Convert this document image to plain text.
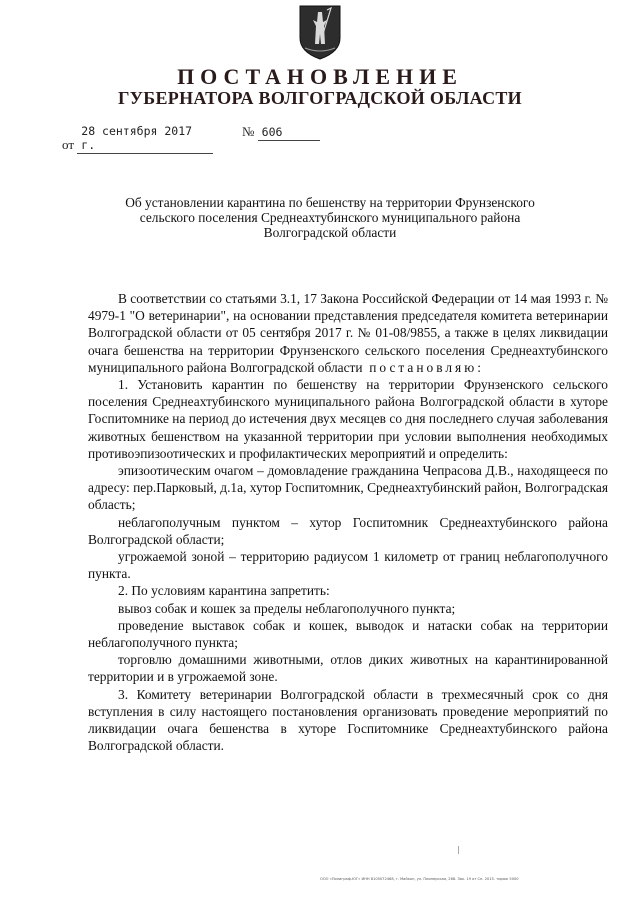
ПОСТАНОВЛЕНИЕ
ГУБЕРНАТОРА ВОЛГОГРАДСКОЙ ОБЛАСТИ
от 28 сентября 2017 г.
№ 606
Об установлении карантина по бешенству на территории Фрунзенского
сельского поселения Среднеахтубинского муниципального района
Волгоградской области

В соответствии со статьями 3.1, 17 Закона Российской Федерации от 14 мая 1993 г. № 4979-1 "О ветеринарии", на основании представления председателя комитета ветеринарии Волгоградской области от 05 сентября 2017 г. № 01-08/9855, а также в целях ликвидации очага бешенства на территории Фрунзенского сельского поселения Среднеахтубинского муниципального района Волгоградской области постановляю:

1. Установить карантин по бешенству на территории Фрунзенского сельского поселения Среднеахтубинского муниципального района Волгоградской области в хуторе Госпитомнике на период до истечения двух месяцев со дня последнего случая заболевания животных бешенством на указанной территории при условии выполнения необходимых противоэпизоотических и профилактических мероприятий и определить:

эпизоотическим очагом – домовладение гражданина Чепрасова Д.В., находящееся по адресу: пер.Парковый, д.1а, хутор Госпитомник, Среднеахтубинский район, Волгоградская область;

неблагополучным пунктом – хутор Госпитомник Среднеахтубинского района Волгоградской области;

угрожаемой зоной – территорию радиусом 1 километр от границ неблагополучного пункта.

2. По условиям карантина запретить:

вывоз собак и кошек за пределы неблагополучного пункта;

проведение выставок собак и кошек, выводок и натаски собак на территории неблагополучного пункта;

торговлю домашними животными, отлов диких животных на карантинированной территории и в угрожаемой зоне.

3. Комитету ветеринарии Волгоградской области в трехмесячный срок со дня вступления в силу настоящего постановления организовать проведение мероприятий по ликвидации очага бешенства в хуторе Госпитомнике Среднеахтубинского района Волгоградской области.

ООО «Полиграф-ЮГ» ИНН 8105072468, г. Майкоп, ул. Пионерская, 268. Зак. 19 от Сп. 2015. тираж 5000
